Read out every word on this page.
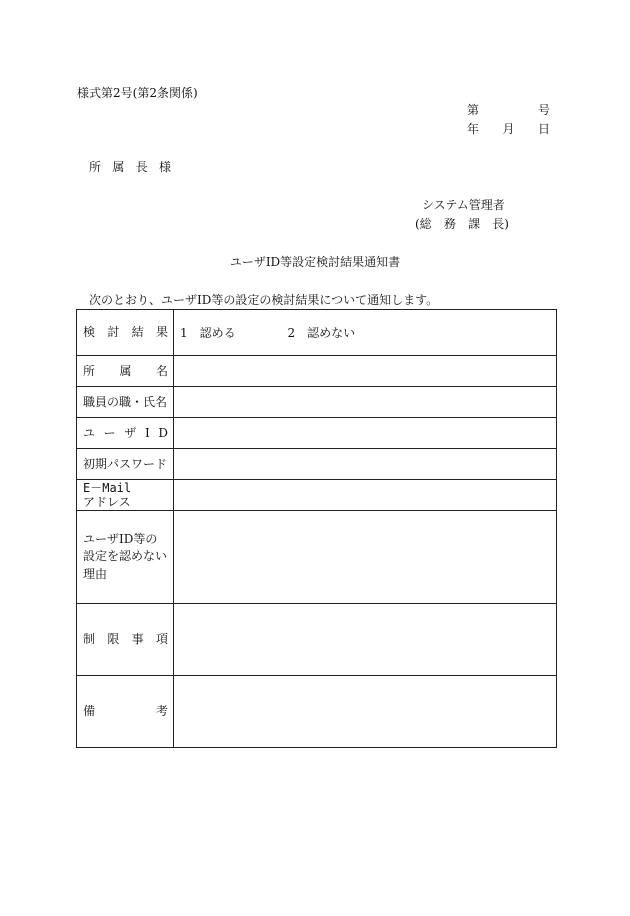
様式第2号(第2条関係)
第	号
年 月 日
所 属 長 様
システム管理者
(総 務 課 長)
ユーザID等設定検討結果通知書
次のとおり、ユーザID等の設定の検討結果について通知します。
検 討 結 果	1　認める 2　認めない

所 属 名	

職員の職・氏名	

ユ ー ザ I D	

初期パスワード	

E－Mail
アドレス	

ユーザID等の設定を認めない理由	

制 限 事 項	

備 考	
